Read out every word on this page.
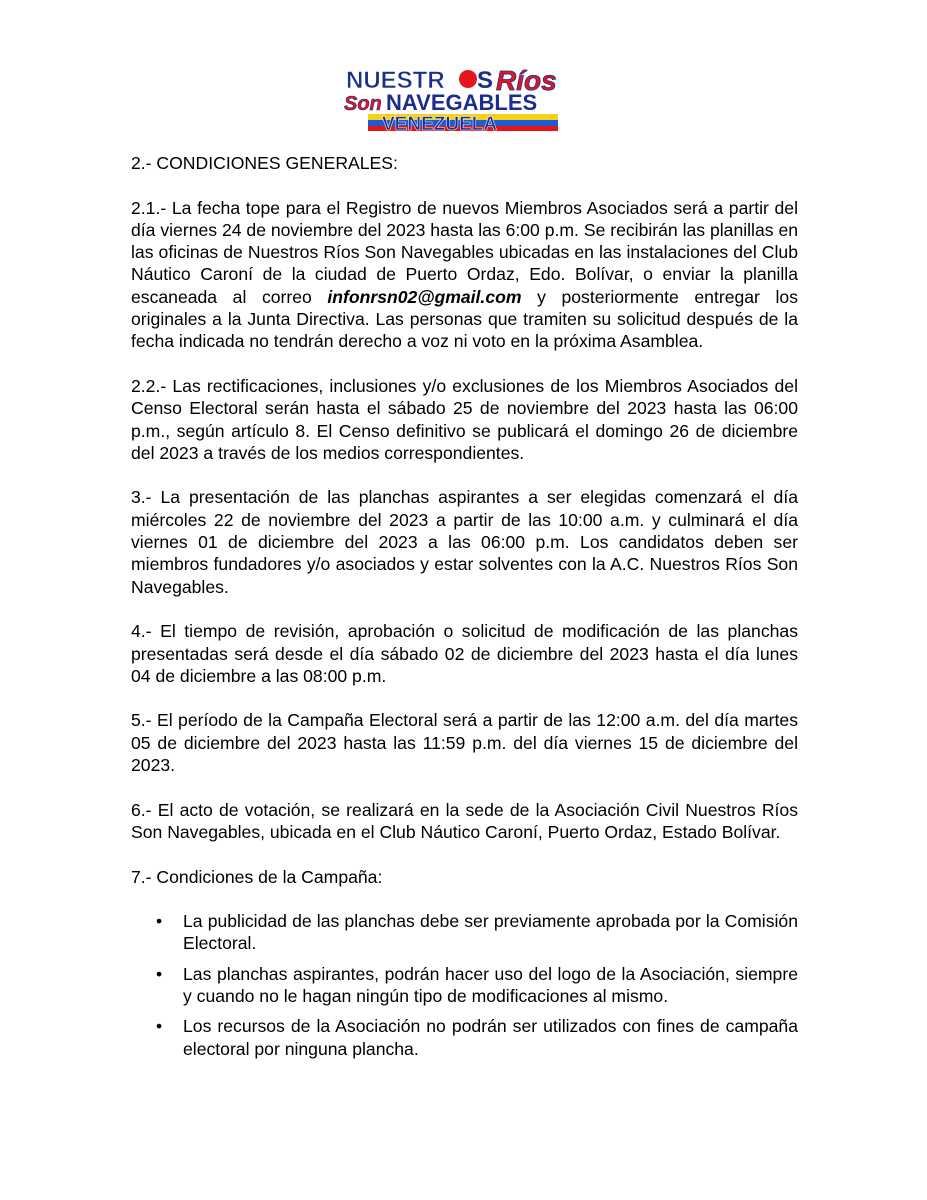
NUESTR S Ríos
Son NAVEGABLES
VENEZUELA

2.- CONDICIONES GENERALES:

2.1.- La fecha tope para el Registro de nuevos Miembros Asociados será a partir del día viernes 24 de noviembre del 2023 hasta las 6:00 p.m. Se recibirán las planillas en las oficinas de Nuestros Ríos Son Navegables ubicadas en las instalaciones del Club Náutico Caroní de la ciudad de Puerto Ordaz, Edo. Bolívar, o enviar la planilla escaneada al correo infonrsn02@gmail.com y posteriormente entregar los originales a la Junta Directiva. Las personas que tramiten su solicitud después de la fecha indicada no tendrán derecho a voz ni voto en la próxima Asamblea.

2.2.- Las rectificaciones, inclusiones y/o exclusiones de los Miembros Asociados del Censo Electoral serán hasta el sábado 25 de noviembre del 2023 hasta las 06:00 p.m., según artículo 8. El Censo definitivo se publicará el domingo 26 de diciembre del 2023 a través de los medios correspondientes.

3.- La presentación de las planchas aspirantes a ser elegidas comenzará el día miércoles 22 de noviembre del 2023 a partir de las 10:00 a.m. y culminará el día viernes 01 de diciembre del 2023 a las 06:00 p.m. Los candidatos deben ser miembros fundadores y/o asociados y estar solventes con la A.C. Nuestros Ríos Son Navegables.

4.- El tiempo de revisión, aprobación o solicitud de modificación de las planchas presentadas será desde el día sábado 02 de diciembre del 2023 hasta el día lunes 04 de diciembre a las 08:00 p.m.

5.- El período de la Campaña Electoral será a partir de las 12:00 a.m. del día martes 05 de diciembre del 2023 hasta las 11:59 p.m. del día viernes 15 de diciembre del 2023.

6.- El acto de votación, se realizará en la sede de la Asociación Civil Nuestros Ríos Son Navegables, ubicada en el Club Náutico Caroní, Puerto Ordaz, Estado Bolívar.

7.- Condiciones de la Campaña:

• La publicidad de las planchas debe ser previamente aprobada por la Comisión Electoral.
• Las planchas aspirantes, podrán hacer uso del logo de la Asociación, siempre y cuando no le hagan ningún tipo de modificaciones al mismo.
• Los recursos de la Asociación no podrán ser utilizados con fines de campaña electoral por ninguna plancha.
